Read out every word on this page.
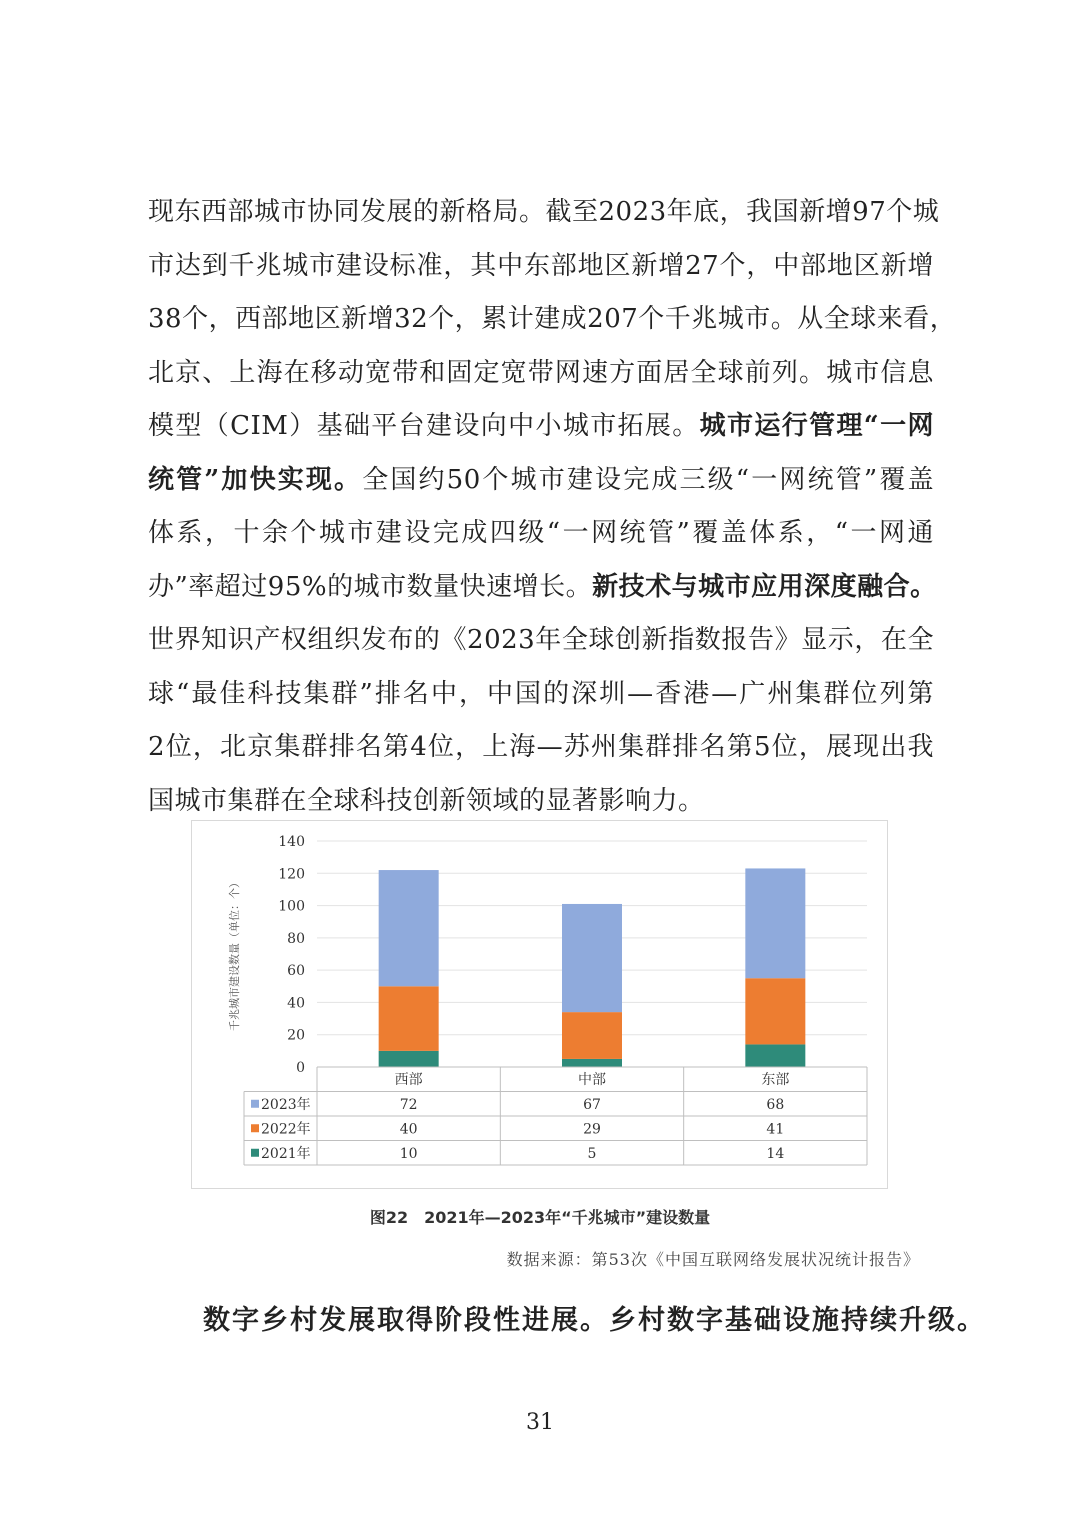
现东西部城市协同发展的新格局。截至2023年底，我国新增97个城
市达到千兆城市建设标准，其中东部地区新增27个，中部地区新增
38个，西部地区新增32个，累计建成207个千兆城市。从全球来看，
北京、上海在移动宽带和固定宽带网速方面居全球前列。城市信息
模型（CIM）基础平台建设向中小城市拓展。城市运行管理“一网
统管”加快实现。全国约50个城市建设完成三级“一网统管”覆盖
体系，十余个城市建设完成四级“一网统管”覆盖体系，“一网通
办”率超过95%的城市数量快速增长。新技术与城市应用深度融合。
世界知识产权组织发布的《2023年全球创新指数报告》显示，在全
球“最佳科技集群”排名中，中国的深圳—香港—广州集群位列第
2位，北京集群排名第4位，上海—苏州集群排名第5位，展现出我
国城市集群在全球科技创新领域的显著影响力。
0
20
40
60
80
100
120
140
千兆城市建设数量（单位：个）
西部	中部	东部
2023年	72	67	68
2022年	40	29	41
2021年	10	5	14
图22　2021年—2023年“千兆城市”建设数量
数据来源：第53次《中国互联网络发展状况统计报告》
数字乡村发展取得阶段性进展。乡村数字基础设施持续升级。
31
